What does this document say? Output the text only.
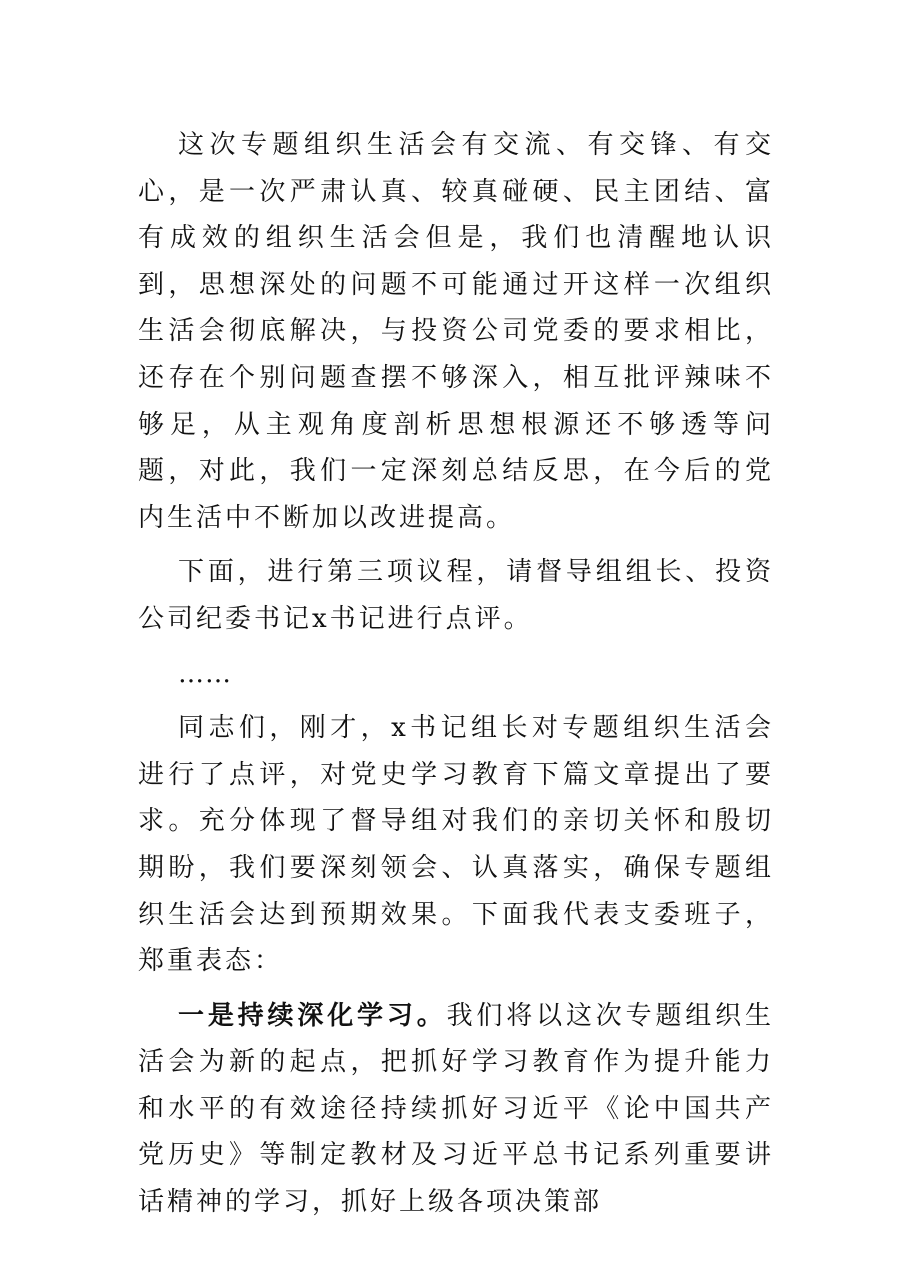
这次专题组织生活会有交流、有交锋、有交心，是一次严肃认真、较真碰硬、民主团结、富有成效的组织生活会但是，我们也清醒地认识到，思想深处的问题不可能通过开这样一次组织生活会彻底解决，与投资公司党委的要求相比，还存在个别问题查摆不够深入，相互批评辣味不够足，从主观角度剖析思想根源还不够透等问题，对此，我们一定深刻总结反思，在今后的党内生活中不断加以改进提高。

下面，进行第三项议程，请督导组组长、投资公司纪委书记x书记进行点评。

……

同志们，刚才，x书记组长对专题组织生活会进行了点评，对党史学习教育下篇文章提出了要求。充分体现了督导组对我们的亲切关怀和殷切期盼，我们要深刻领会、认真落实，确保专题组织生活会达到预期效果。下面我代表支委班子，郑重表态：

一是持续深化学习。我们将以这次专题组织生活会为新的起点，把抓好学习教育作为提升能力和水平的有效途径持续抓好习近平《论中国共产党历史》等制定教材及习近平总书记系列重要讲话精神的学习，抓好上级各项决策部
